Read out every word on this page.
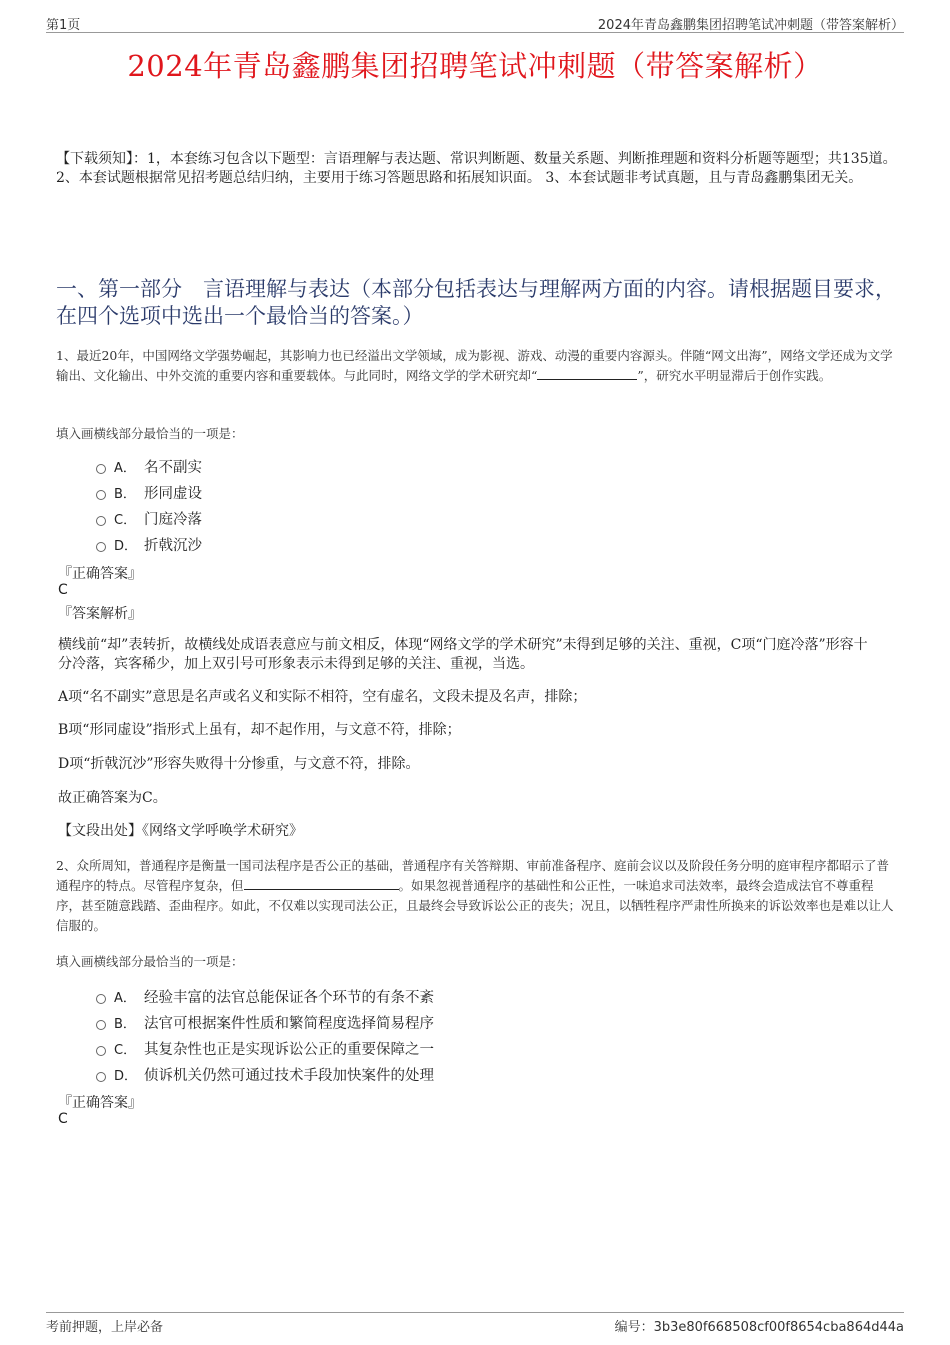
第1页	2024年青岛鑫鹏集团招聘笔试冲刺题（带答案解析）
2024年青岛鑫鹏集团招聘笔试冲刺题（带答案解析）
【下载须知】：1，本套练习包含以下题型：言语理解与表达题、常识判断题、数量关系题、判断推理题和资料分析题等题型；共135道。 2、本套试题根据常见招考题总结归纳，主要用于练习答题思路和拓展知识面。 3、本套试题非考试真题，且与青岛鑫鹏集团无关。
一、第一部分　言语理解与表达（本部分包括表达与理解两方面的内容。请根据题目要求，在四个选项中选出一个最恰当的答案。）
1、最近20年，中国网络文学强势崛起，其影响力也已经溢出文学领域，成为影视、游戏、动漫的重要内容源头。伴随“网文出海”，网络文学还成为文学输出、文化输出、中外交流的重要内容和重要载体。与此同时，网络文学的学术研究却“	”，研究水平明显滞后于创作实践。
填入画横线部分最恰当的一项是：
A． 名不副实
B． 形同虚设
C． 门庭冷落
D． 折戟沉沙
『正确答案』
C
『答案解析』
横线前“却”表转折，故横线处成语表意应与前文相反，体现“网络文学的学术研究”未得到足够的关注、重视，C项“门庭冷落”形容十分冷落，宾客稀少，加上双引号可形象表示未得到足够的关注、重视，当选。
A项“名不副实”意思是名声或名义和实际不相符，空有虚名，文段未提及名声，排除；
B项“形同虚设”指形式上虽有，却不起作用，与文意不符，排除；
D项“折戟沉沙”形容失败得十分惨重，与文意不符，排除。
故正确答案为C。
【文段出处】《网络文学呼唤学术研究》
2、众所周知，普通程序是衡量一国司法程序是否公正的基础，普通程序有关答辩期、审前准备程序、庭前会议以及阶段任务分明的庭审程序都昭示了普通程序的特点。尽管程序复杂，但	。如果忽视普通程序的基础性和公正性，一味追求司法效率，最终会造成法官不尊重程序，甚至随意践踏、歪曲程序。如此，不仅难以实现司法公正，且最终会导致诉讼公正的丧失；况且，以牺牲程序严肃性所换来的诉讼效率也是难以让人信服的。
填入画横线部分最恰当的一项是：
A． 经验丰富的法官总能保证各个环节的有条不紊
B． 法官可根据案件性质和繁简程度选择简易程序
C． 其复杂性也正是实现诉讼公正的重要保障之一
D． 侦诉机关仍然可通过技术手段加快案件的处理
『正确答案』
C
考前押题，上岸必备	编号：3b3e80f668508cf00f8654cba864d44a
